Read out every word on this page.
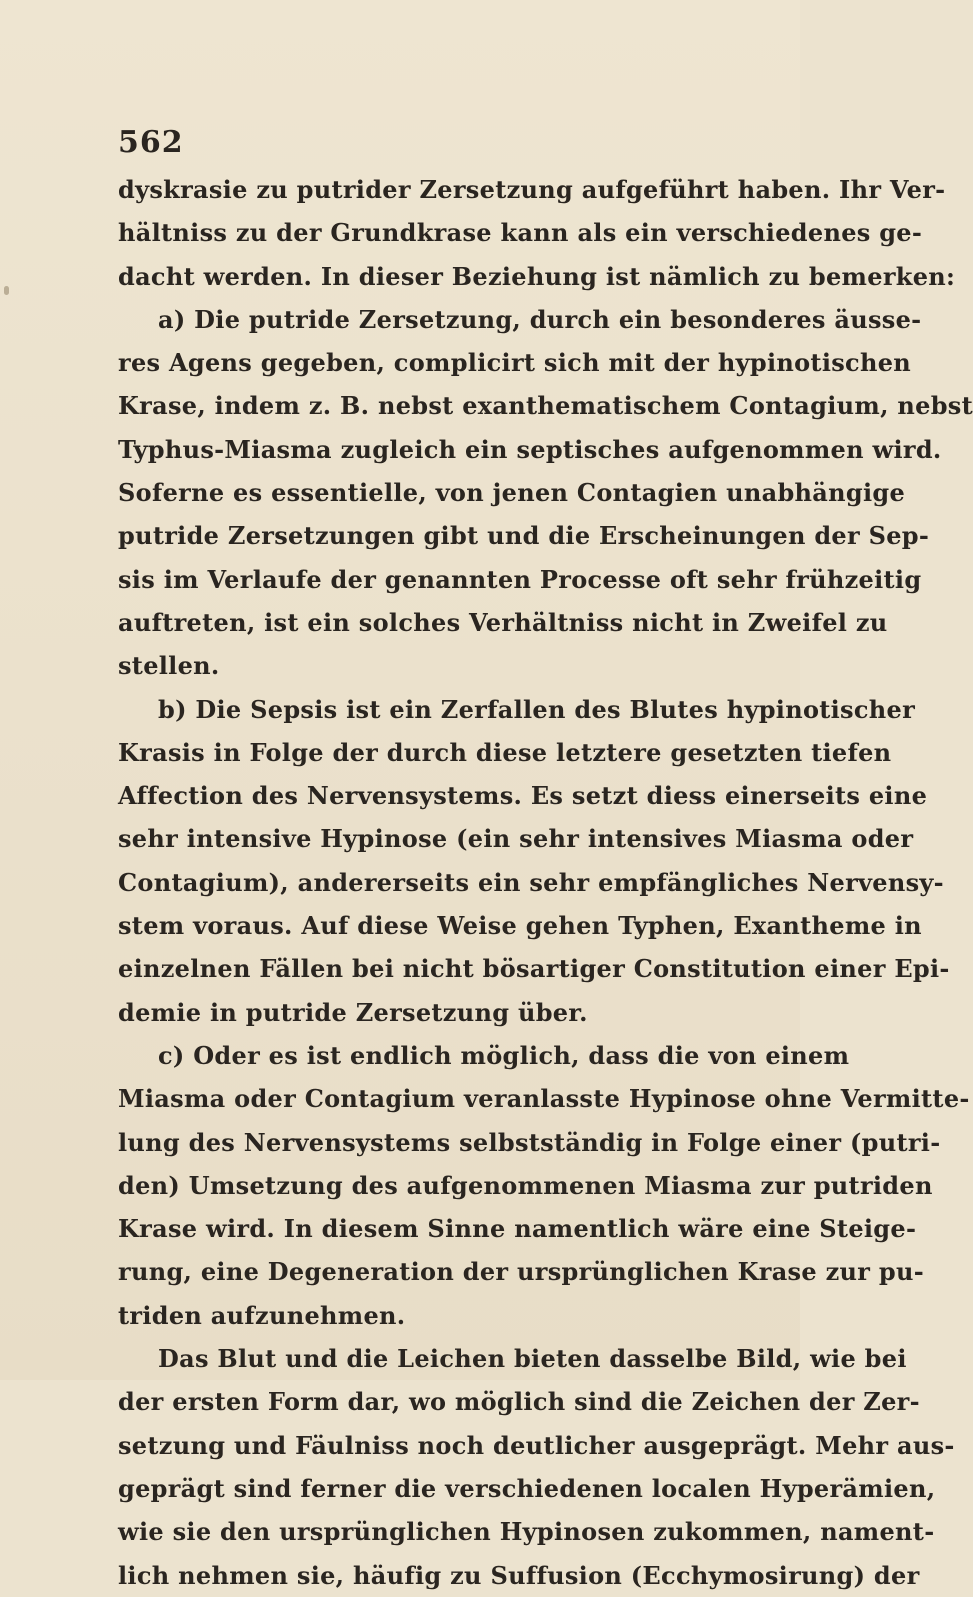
562
dyskrasie zu putrider Zersetzung aufgeführt haben. Ihr Ver-
hältniss zu der Grundkrase kann als ein verschiedenes ge-
dacht werden. In dieser Beziehung ist nämlich zu bemerken:
a) Die putride Zersetzung, durch ein besonderes äusse-
res Agens gegeben, complicirt sich mit der hypinotischen
Krase, indem z. B. nebst exanthematischem Contagium, nebst
Typhus-Miasma zugleich ein septisches aufgenommen wird.
Soferne es essentielle, von jenen Contagien unabhängige
putride Zersetzungen gibt und die Erscheinungen der Sep-
sis im Verlaufe der genannten Processe oft sehr frühzeitig
auftreten, ist ein solches Verhältniss nicht in Zweifel zu
stellen.
b) Die Sepsis ist ein Zerfallen des Blutes hypinotischer
Krasis in Folge der durch diese letztere gesetzten tiefen
Affection des Nervensystems. Es setzt diess einerseits eine
sehr intensive Hypinose (ein sehr intensives Miasma oder
Contagium), andererseits ein sehr empfängliches Nervensy-
stem voraus. Auf diese Weise gehen Typhen, Exantheme in
einzelnen Fällen bei nicht bösartiger Constitution einer Epi-
demie in putride Zersetzung über.
c) Oder es ist endlich möglich, dass die von einem
Miasma oder Contagium veranlasste Hypinose ohne Vermitte-
lung des Nervensystems selbstständig in Folge einer (putri-
den) Umsetzung des aufgenommenen Miasma zur putriden
Krase wird. In diesem Sinne namentlich wäre eine Steige-
rung, eine Degeneration der ursprünglichen Krase zur pu-
triden aufzunehmen.
Das Blut und die Leichen bieten dasselbe Bild, wie bei
der ersten Form dar, wo möglich sind die Zeichen der Zer-
setzung und Fäulniss noch deutlicher ausgeprägt. Mehr aus-
geprägt sind ferner die verschiedenen localen Hyperämien,
wie sie den ursprünglichen Hypinosen zukommen, nament-
lich nehmen sie, häufig zu Suffusion (Ecchymosirung) der
